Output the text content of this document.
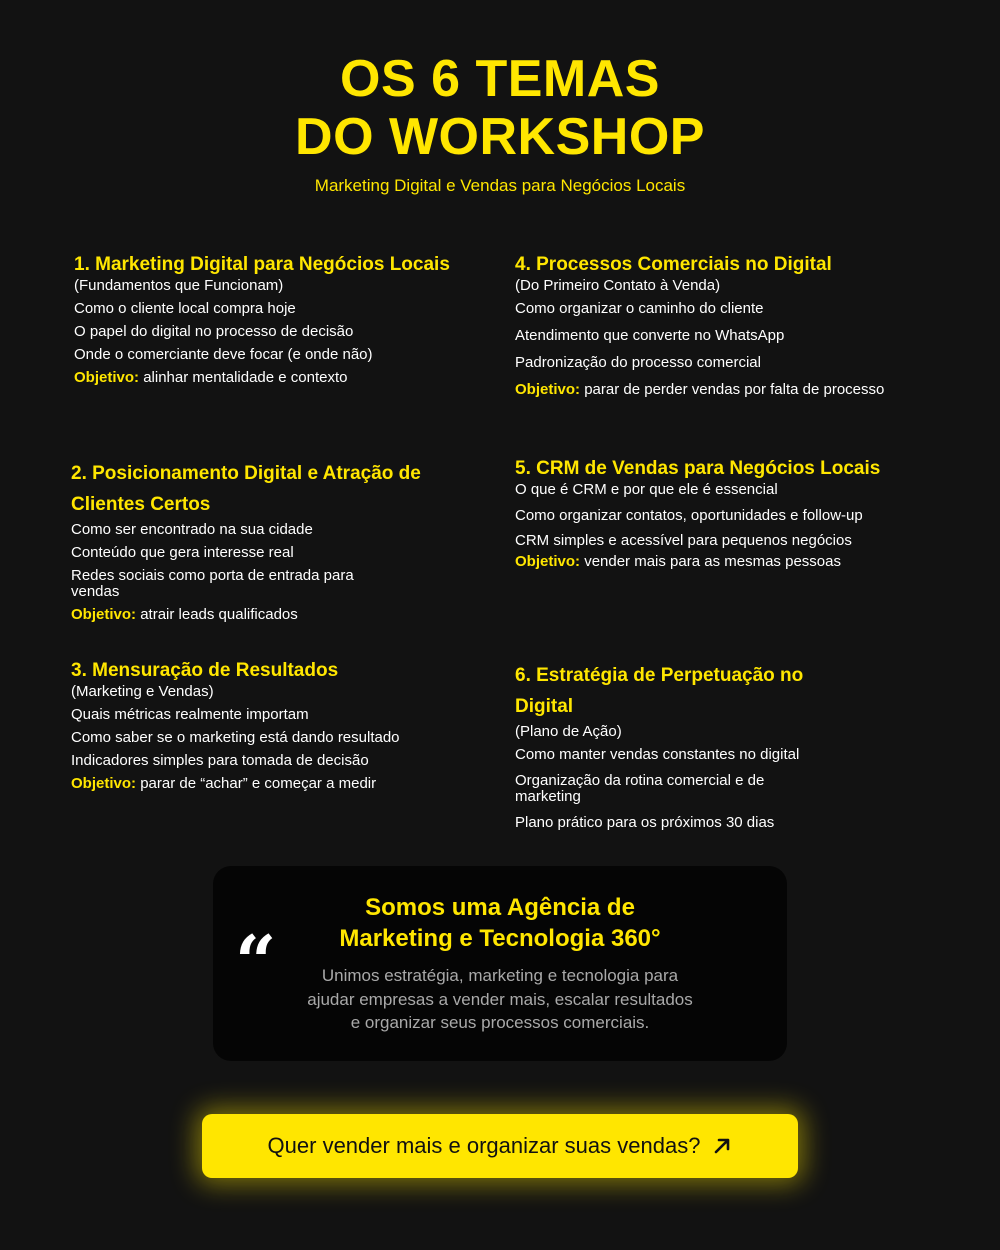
OS 6 TEMAS
DO WORKSHOP
Marketing Digital e Vendas para Negócios Locais
1. Marketing Digital para Negócios Locais

(Fundamentos que Funcionam)

Como o cliente local compra hoje

O papel do digital no processo de decisão

Onde o comerciante deve focar (e onde não)

Objetivo: alinhar mentalidade e contexto

2. Posicionamento Digital e Atração de Clientes Certos

Como ser encontrado na sua cidade

Conteúdo que gera interesse real

Redes sociais como porta de entrada para vendas

Objetivo: atrair leads qualificados

3. Mensuração de Resultados

(Marketing e Vendas)

Quais métricas realmente importam

Como saber se o marketing está dando resultado

Indicadores simples para tomada de decisão

Objetivo: parar de “achar” e começar a medir

4. Processos Comerciais no Digital

(Do Primeiro Contato à Venda)

Como organizar o caminho do cliente

Atendimento que converte no WhatsApp

Padronização do processo comercial

Objetivo: parar de perder vendas por falta de processo

5. CRM de Vendas para Negócios Locais

O que é CRM e por que ele é essencial

Como organizar contatos, oportunidades e follow-up

CRM simples e acessível para pequenos negócios

Objetivo: vender mais para as mesmas pessoas

6. Estratégia de Perpetuação no Digital

(Plano de Ação)

Como manter vendas constantes no digital

Organização da rotina comercial e de marketing

Plano prático para os próximos 30 dias

Somos uma Agência de
Marketing e Tecnologia 360°
“	Unimos estratégia, marketing e tecnologia para
ajudar empresas a vender mais, escalar resultados
e organizar seus processos comerciais.
Quer vender mais e organizar suas vendas?
